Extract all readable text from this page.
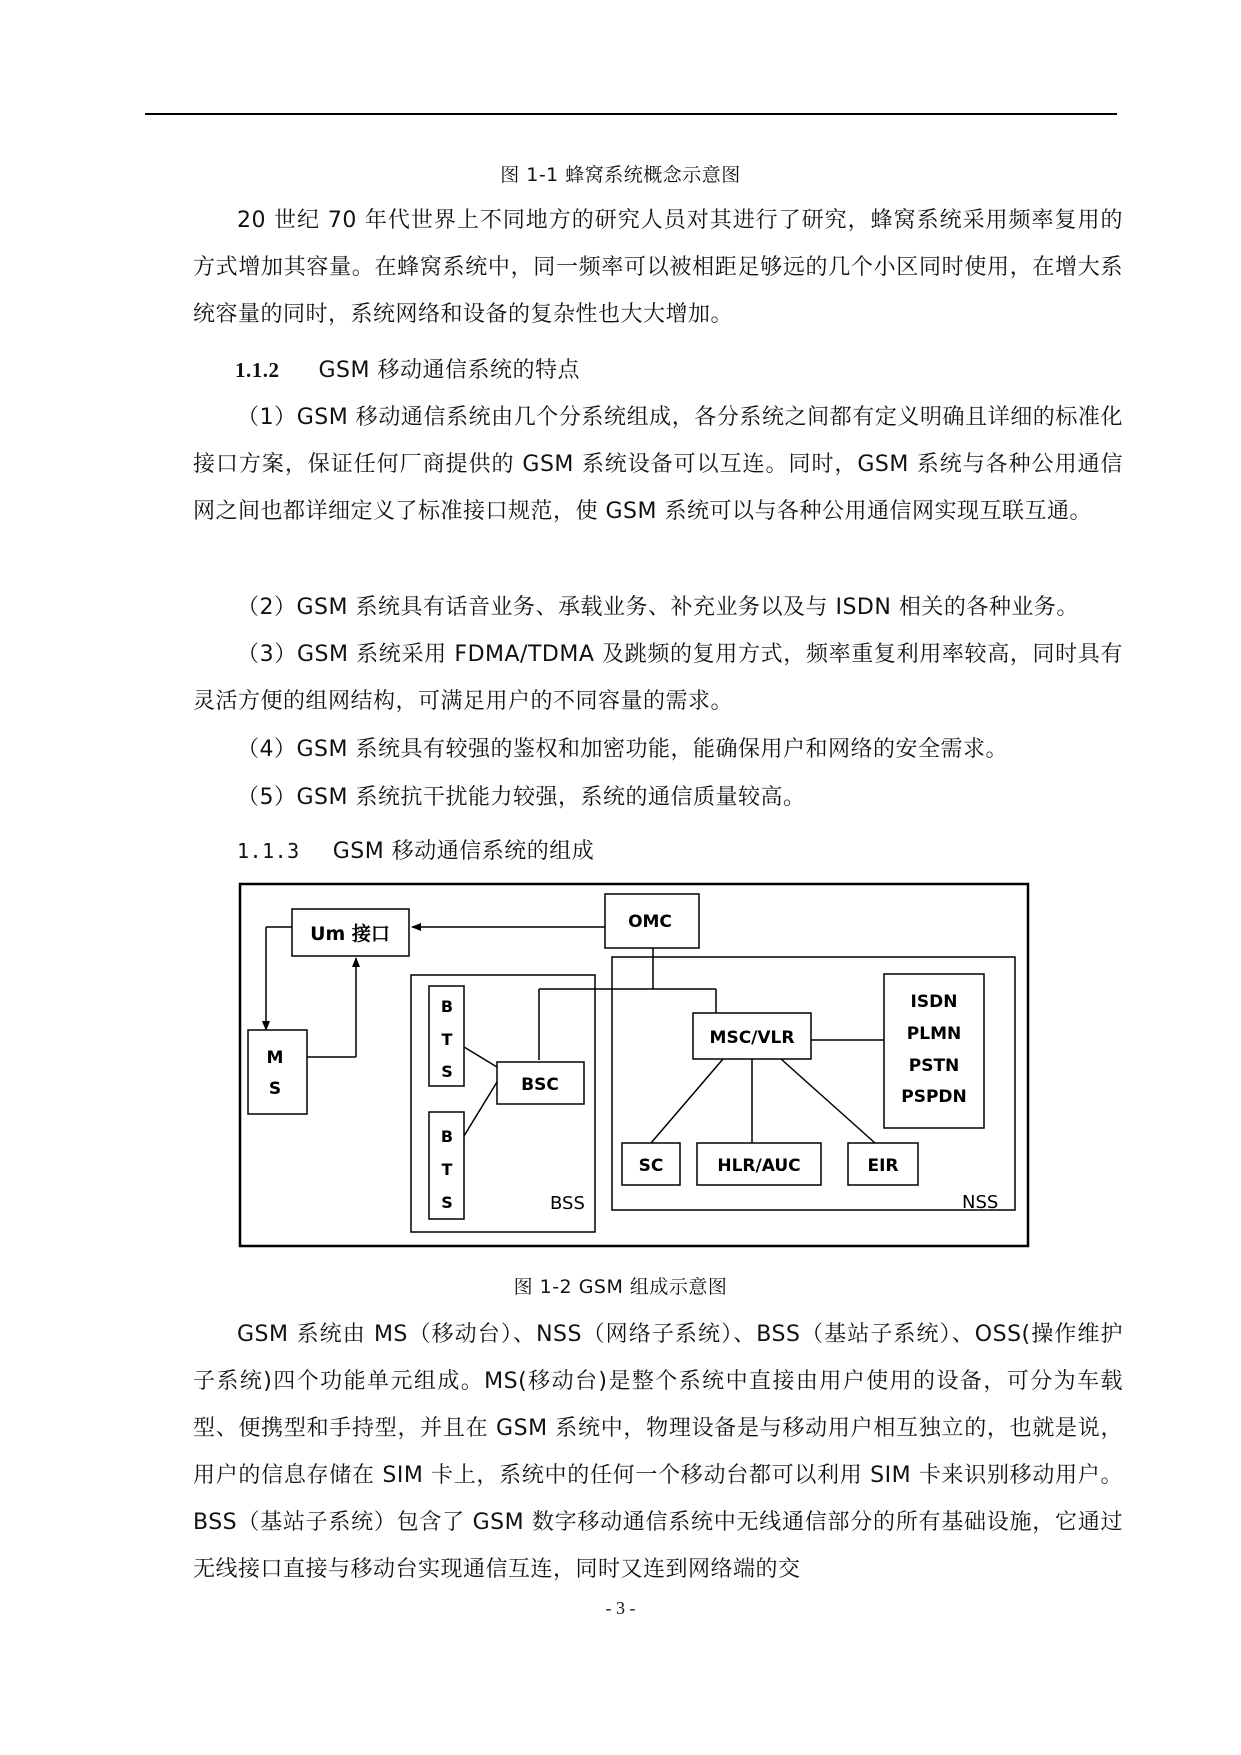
图 1-1 蜂窝系统概念示意图

20 世纪 70 年代世界上不同地方的研究人员对其进行了研究，蜂窝系统采用频率复用的方式增加其容量。在蜂窝系统中，同一频率可以被相距足够远的几个小区同时使用，在增大系统容量的同时，系统网络和设备的复杂性也大大增加。

1.1.2 GSM 移动通信系统的特点

（1）GSM 移动通信系统由几个分系统组成，各分系统之间都有定义明确且详细的标准化接口方案，保证任何厂商提供的 GSM 系统设备可以互连。同时，GSM 系统与各种公用通信网之间也都详细定义了标准接口规范，使 GSM 系统可以与各种公用通信网实现互联互通。

（2）GSM 系统具有话音业务、承载业务、补充业务以及与 ISDN 相关的各种业务。

（3）GSM 系统采用 FDMA/TDMA 及跳频的复用方式，频率重复利用率较高，同时具有灵活方便的组网结构，可满足用户的不同容量的需求。

（4）GSM 系统具有较强的鉴权和加密功能，能确保用户和网络的安全需求。

（5）GSM 系统抗干扰能力较强，系统的通信质量较高。

1.1.3 GSM 移动通信系统的组成
Um 接口
OMC
M
S
B
T
S
B
T
S
BSC
MSC/VLR
ISDN
PLMN
PSTN
PSPDN
SC	HLR/AUC	EIR
BSS	NSS
图 1-2 GSM 组成示意图

GSM 系统由 MS（移动台）、NSS（网络子系统）、BSS（基站子系统）、OSS(操作维护子系统)四个功能单元组成。MS(移动台)是整个系统中直接由用户使用的设备，可分为车载型、便携型和手持型，并且在 GSM 系统中，物理设备是与移动用户相互独立的，也就是说，用户的信息存储在 SIM 卡上，系统中的任何一个移动台都可以利用 SIM 卡来识别移动用户。BSS（基站子系统）包含了 GSM 数字移动通信系统中无线通信部分的所有基础设施，它通过无线接口直接与移动台实现通信互连，同时又连到网络端的交

- 3 -
